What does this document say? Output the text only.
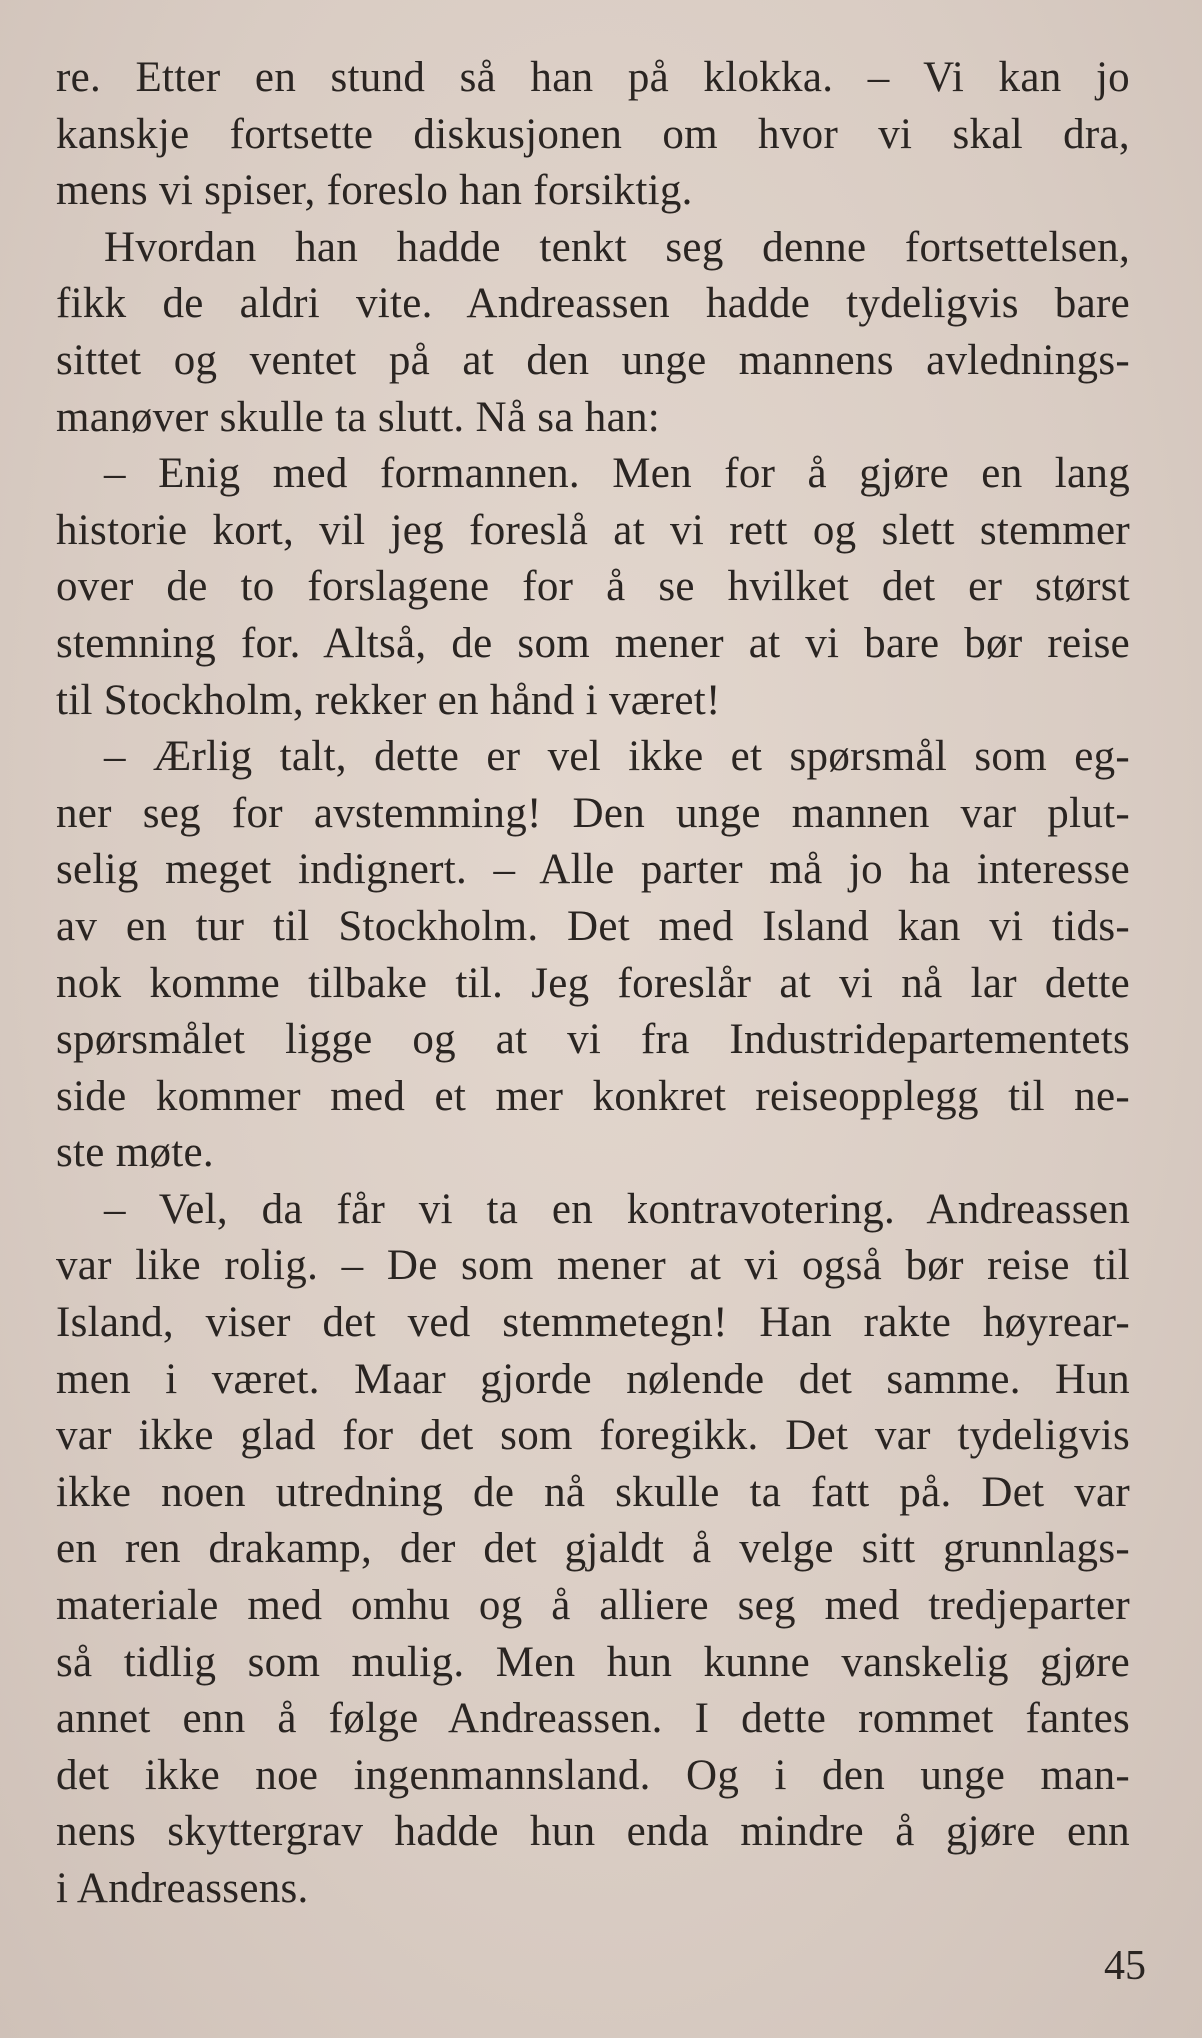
re. Etter en stund så han på klokka. – Vi kan jo
kanskje fortsette diskusjonen om hvor vi skal dra,
mens vi spiser, foreslo han forsiktig.
Hvordan han hadde tenkt seg denne fortsettelsen,
fikk de aldri vite. Andreassen hadde tydeligvis bare
sittet og ventet på at den unge mannens avlednings-
manøver skulle ta slutt. Nå sa han:
– Enig med formannen. Men for å gjøre en lang
historie kort, vil jeg foreslå at vi rett og slett stemmer
over de to forslagene for å se hvilket det er størst
stemning for. Altså, de som mener at vi bare bør reise
til Stockholm, rekker en hånd i været!
– Ærlig talt, dette er vel ikke et spørsmål som eg-
ner seg for avstemming! Den unge mannen var plut-
selig meget indignert. – Alle parter må jo ha interesse
av en tur til Stockholm. Det med Island kan vi tids-
nok komme tilbake til. Jeg foreslår at vi nå lar dette
spørsmålet ligge og at vi fra Industridepartementets
side kommer med et mer konkret reiseopplegg til ne-
ste møte.
– Vel, da får vi ta en kontravotering. Andreassen
var like rolig. – De som mener at vi også bør reise til
Island, viser det ved stemmetegn! Han rakte høyrear-
men i været. Maar gjorde nølende det samme. Hun
var ikke glad for det som foregikk. Det var tydeligvis
ikke noen utredning de nå skulle ta fatt på. Det var
en ren drakamp, der det gjaldt å velge sitt grunnlags-
materiale med omhu og å alliere seg med tredjeparter
så tidlig som mulig. Men hun kunne vanskelig gjøre
annet enn å følge Andreassen. I dette rommet fantes
det ikke noe ingenmannsland. Og i den unge man-
nens skyttergrav hadde hun enda mindre å gjøre enn
i Andreassens.
45
